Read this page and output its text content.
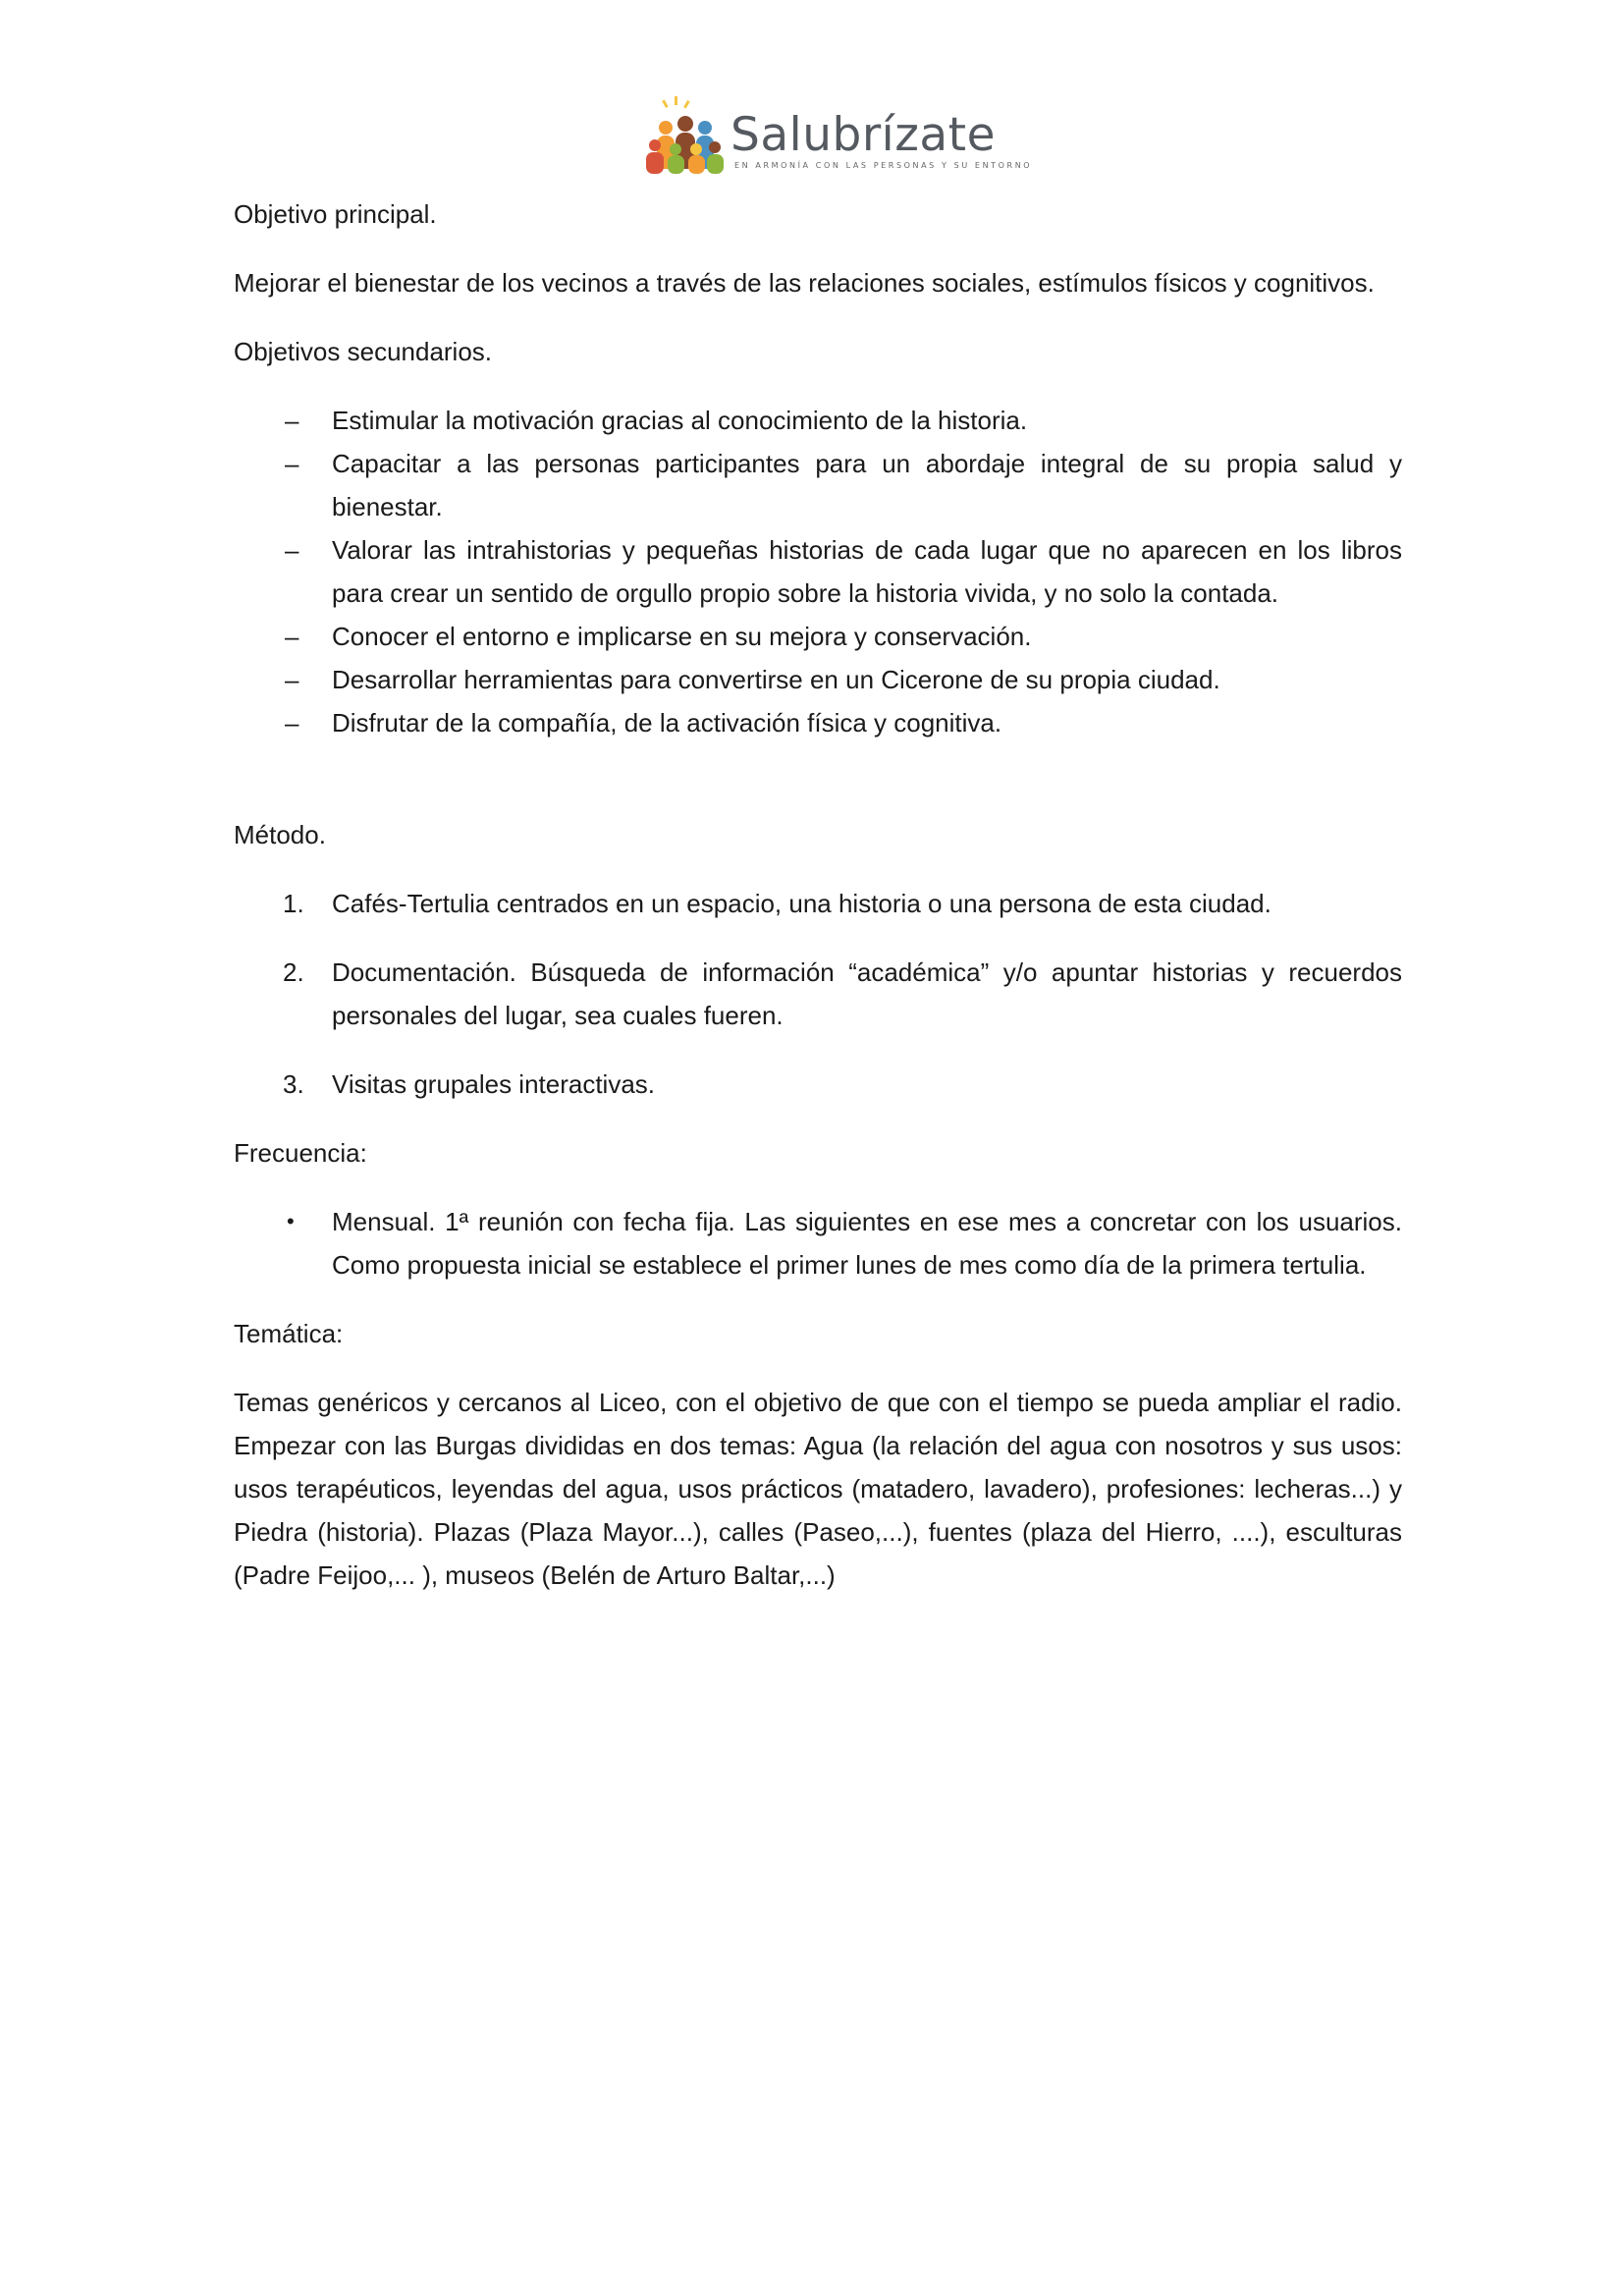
Salubrízate
EN ARMONÍA CON LAS PERSONAS Y SU ENTORNO

Objetivo principal.

Mejorar el bienestar de los vecinos a través de las relaciones sociales, estímulos físicos y cognitivos.

Objetivos secundarios.

–	Estimular la motivación gracias al conocimiento de la historia.
–	Capacitar a las personas participantes para un abordaje integral de su propia salud y bienestar.
–	Valorar las intrahistorias y pequeñas historias de cada lugar que no aparecen en los libros para crear un sentido de orgullo propio sobre la historia vivida, y no solo la contada.
–	Conocer el entorno e implicarse en su mejora y conservación.
–	Desarrollar herramientas para convertirse en un Cicerone de su propia ciudad.
–	Disfrutar de la compañía, de la activación física y cognitiva.

Método.

1.	Cafés-Tertulia centrados en un espacio, una historia o una persona de esta ciudad.
2.	Documentación. Búsqueda de información “académica” y/o apuntar historias y recuerdos personales del lugar, sea cuales fueren.
3.	Visitas grupales interactivas.

Frecuencia:

•	Mensual. 1ª reunión con fecha fija. Las siguientes en ese mes a concretar con los usuarios. Como propuesta inicial se establece el primer lunes de mes como día de la primera tertulia.

Temática:

Temas genéricos y cercanos al Liceo, con el objetivo de que con el tiempo se pueda ampliar el radio. Empezar con las Burgas divididas en dos temas: Agua (la relación del agua con nosotros y sus usos: usos terapéuticos, leyendas del agua, usos prácticos (matadero, lavadero), profesiones: lecheras...) y Piedra (historia). Plazas (Plaza Mayor...), calles (Paseo,...), fuentes (plaza del Hierro, ....), esculturas (Padre Feijoo,... ), museos (Belén de Arturo Baltar,...)
